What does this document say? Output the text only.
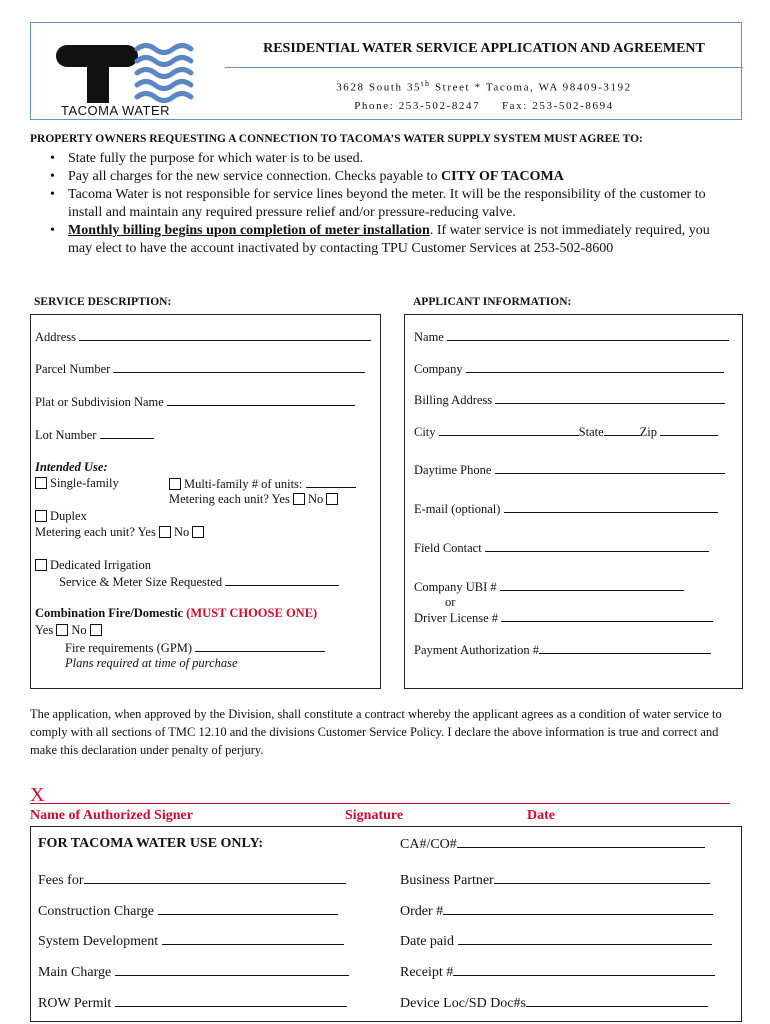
TACOMA WATER
RESIDENTIAL WATER SERVICE APPLICATION AND AGREEMENT
3628 South 35th Street * Tacoma, WA 98409-3192
Phone: 253-502-8247     Fax: 253-502-8694
PROPERTY OWNERS REQUESTING A CONNECTION TO TACOMA’S WATER SUPPLY SYSTEM MUST AGREE TO:
• State fully the purpose for which water is to be used.
• Pay all charges for the new service connection. Checks payable to CITY OF TACOMA
• Tacoma Water is not responsible for service lines beyond the meter. It will be the responsibility of the customer to install and maintain any required pressure relief and/or pressure-reducing valve.
• Monthly billing begins upon completion of meter installation. If water service is not immediately required, you may elect to have the account inactivated by contacting TPU Customer Services at 253-502-8600
SERVICE DESCRIPTION:	APPLICANT INFORMATION:
Address
Parcel Number
Plat or Subdivision Name
Lot Number
Intended Use:
Single-family	Multi-family # of units:
Metering each unit? Yes No
Duplex
Metering each unit? Yes No
Dedicated Irrigation
Service & Meter Size Requested
Combination Fire/Domestic (MUST CHOOSE ONE)
Yes No
Fire requirements (GPM)
Plans required at time of purchase
Name
Company
Billing Address
City	State	Zip
Daytime Phone
E-mail (optional)
Field Contact
Company UBI #
or
Driver License #
Payment Authorization #
The application, when approved by the Division, shall constitute a contract whereby the applicant agrees as a condition of water service to comply with all sections of TMC 12.10 and the divisions Customer Service Policy. I declare the above information is true and correct and make this declaration under penalty of perjury.
X
Name of Authorized Signer	Signature	Date
FOR TACOMA WATER USE ONLY:	CA#/CO#
Fees for	Business Partner
Construction Charge	Order #
System Development	Date paid
Main Charge	Receipt #
ROW Permit	Device Loc/SD Doc#s
